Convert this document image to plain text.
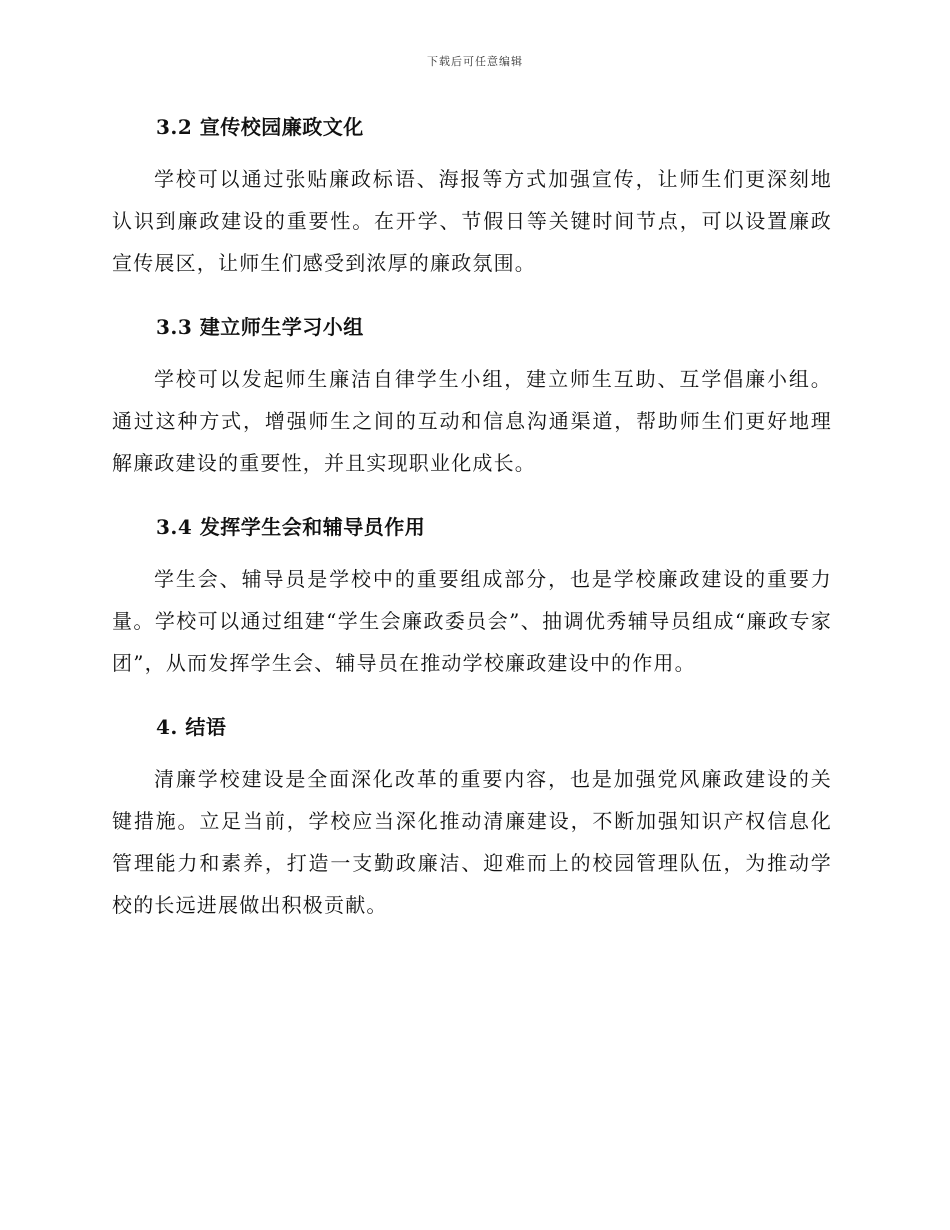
下载后可任意编辑
3.2 宣传校园廉政文化

学校可以通过张贴廉政标语、海报等方式加强宣传，让师生们更深刻地认识到廉政建设的重要性。在开学、节假日等关键时间节点，可以设置廉政宣传展区，让师生们感受到浓厚的廉政氛围。

3.3 建立师生学习小组

学校可以发起师生廉洁自律学生小组，建立师生互助、互学倡廉小组。通过这种方式，增强师生之间的互动和信息沟通渠道，帮助师生们更好地理解廉政建设的重要性，并且实现职业化成长。

3.4 发挥学生会和辅导员作用

学生会、辅导员是学校中的重要组成部分，也是学校廉政建设的重要力量。学校可以通过组建“学生会廉政委员会”、抽调优秀辅导员组成“廉政专家团”，从而发挥学生会、辅导员在推动学校廉政建设中的作用。

4. 结语

清廉学校建设是全面深化改革的重要内容，也是加强党风廉政建设的关键措施。立足当前，学校应当深化推动清廉建设，不断加强知识产权信息化管理能力和素养，打造一支勤政廉洁、迎难而上的校园管理队伍，为推动学校的长远进展做出积极贡献。
